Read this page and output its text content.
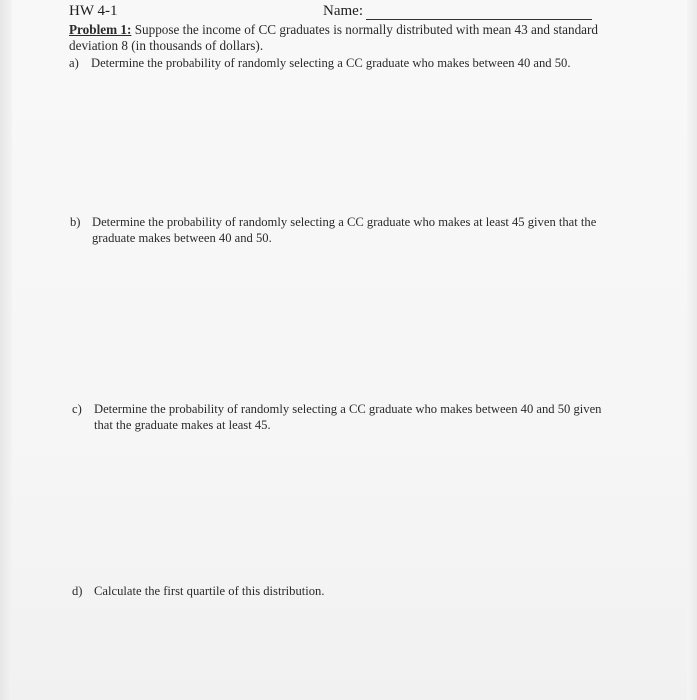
HW 4-1	Name:
Problem 1: Suppose the income of CC graduates is normally distributed with mean 43 and standard deviation 8 (in thousands of dollars).
a) Determine the probability of randomly selecting a CC graduate who makes between 40 and 50.
b) Determine the probability of randomly selecting a CC graduate who makes at least 45 given that the graduate makes between 40 and 50.
c) Determine the probability of randomly selecting a CC graduate who makes between 40 and 50 given that the graduate makes at least 45.
d) Calculate the first quartile of this distribution.
